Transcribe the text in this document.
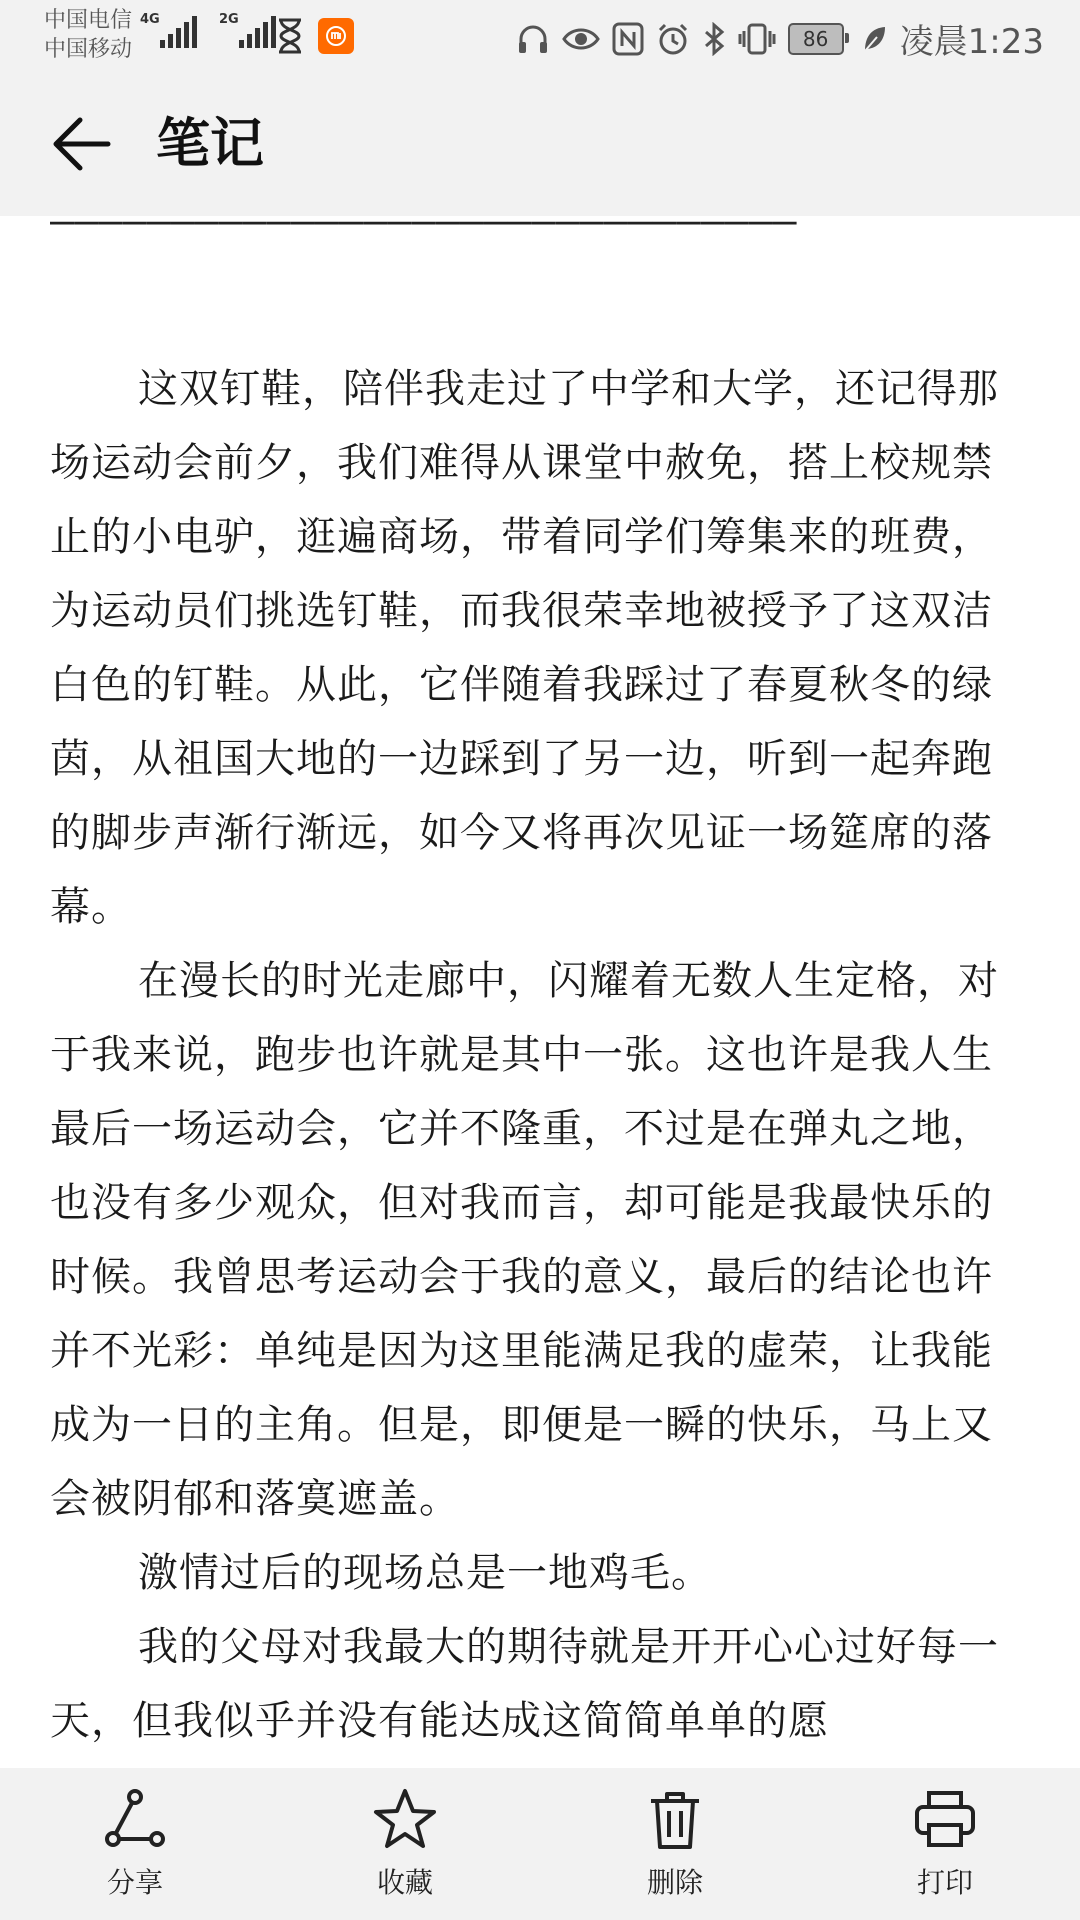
中国电信
中国移动
4G	2G
86 凌晨1:23
笔记
———————————————————————————————

这双钉鞋，陪伴我走过了中学和大学，还记得那场运动会前夕，我们难得从课堂中赦免，搭上校规禁止的小电驴，逛遍商场，带着同学们筹集来的班费，为运动员们挑选钉鞋，而我很荣幸地被授予了这双洁白色的钉鞋。从此，它伴随着我踩过了春夏秋冬的绿茵，从祖国大地的一边踩到了另一边，听到一起奔跑的脚步声渐行渐远，如今又将再次见证一场筵席的落幕。

在漫长的时光走廊中，闪耀着无数人生定格，对于我来说，跑步也许就是其中一张。这也许是我人生最后一场运动会，它并不隆重，不过是在弹丸之地，也没有多少观众，但对我而言，却可能是我最快乐的时候。我曾思考运动会于我的意义，最后的结论也许并不光彩：单纯是因为这里能满足我的虚荣，让我能成为一日的主角。但是，即便是一瞬的快乐，马上又会被阴郁和落寞遮盖。

激情过后的现场总是一地鸡毛。

我的父母对我最大的期待就是开开心心过好每一天，但我似乎并没有能达成这简简单单的愿

分享	收藏	删除	打印
